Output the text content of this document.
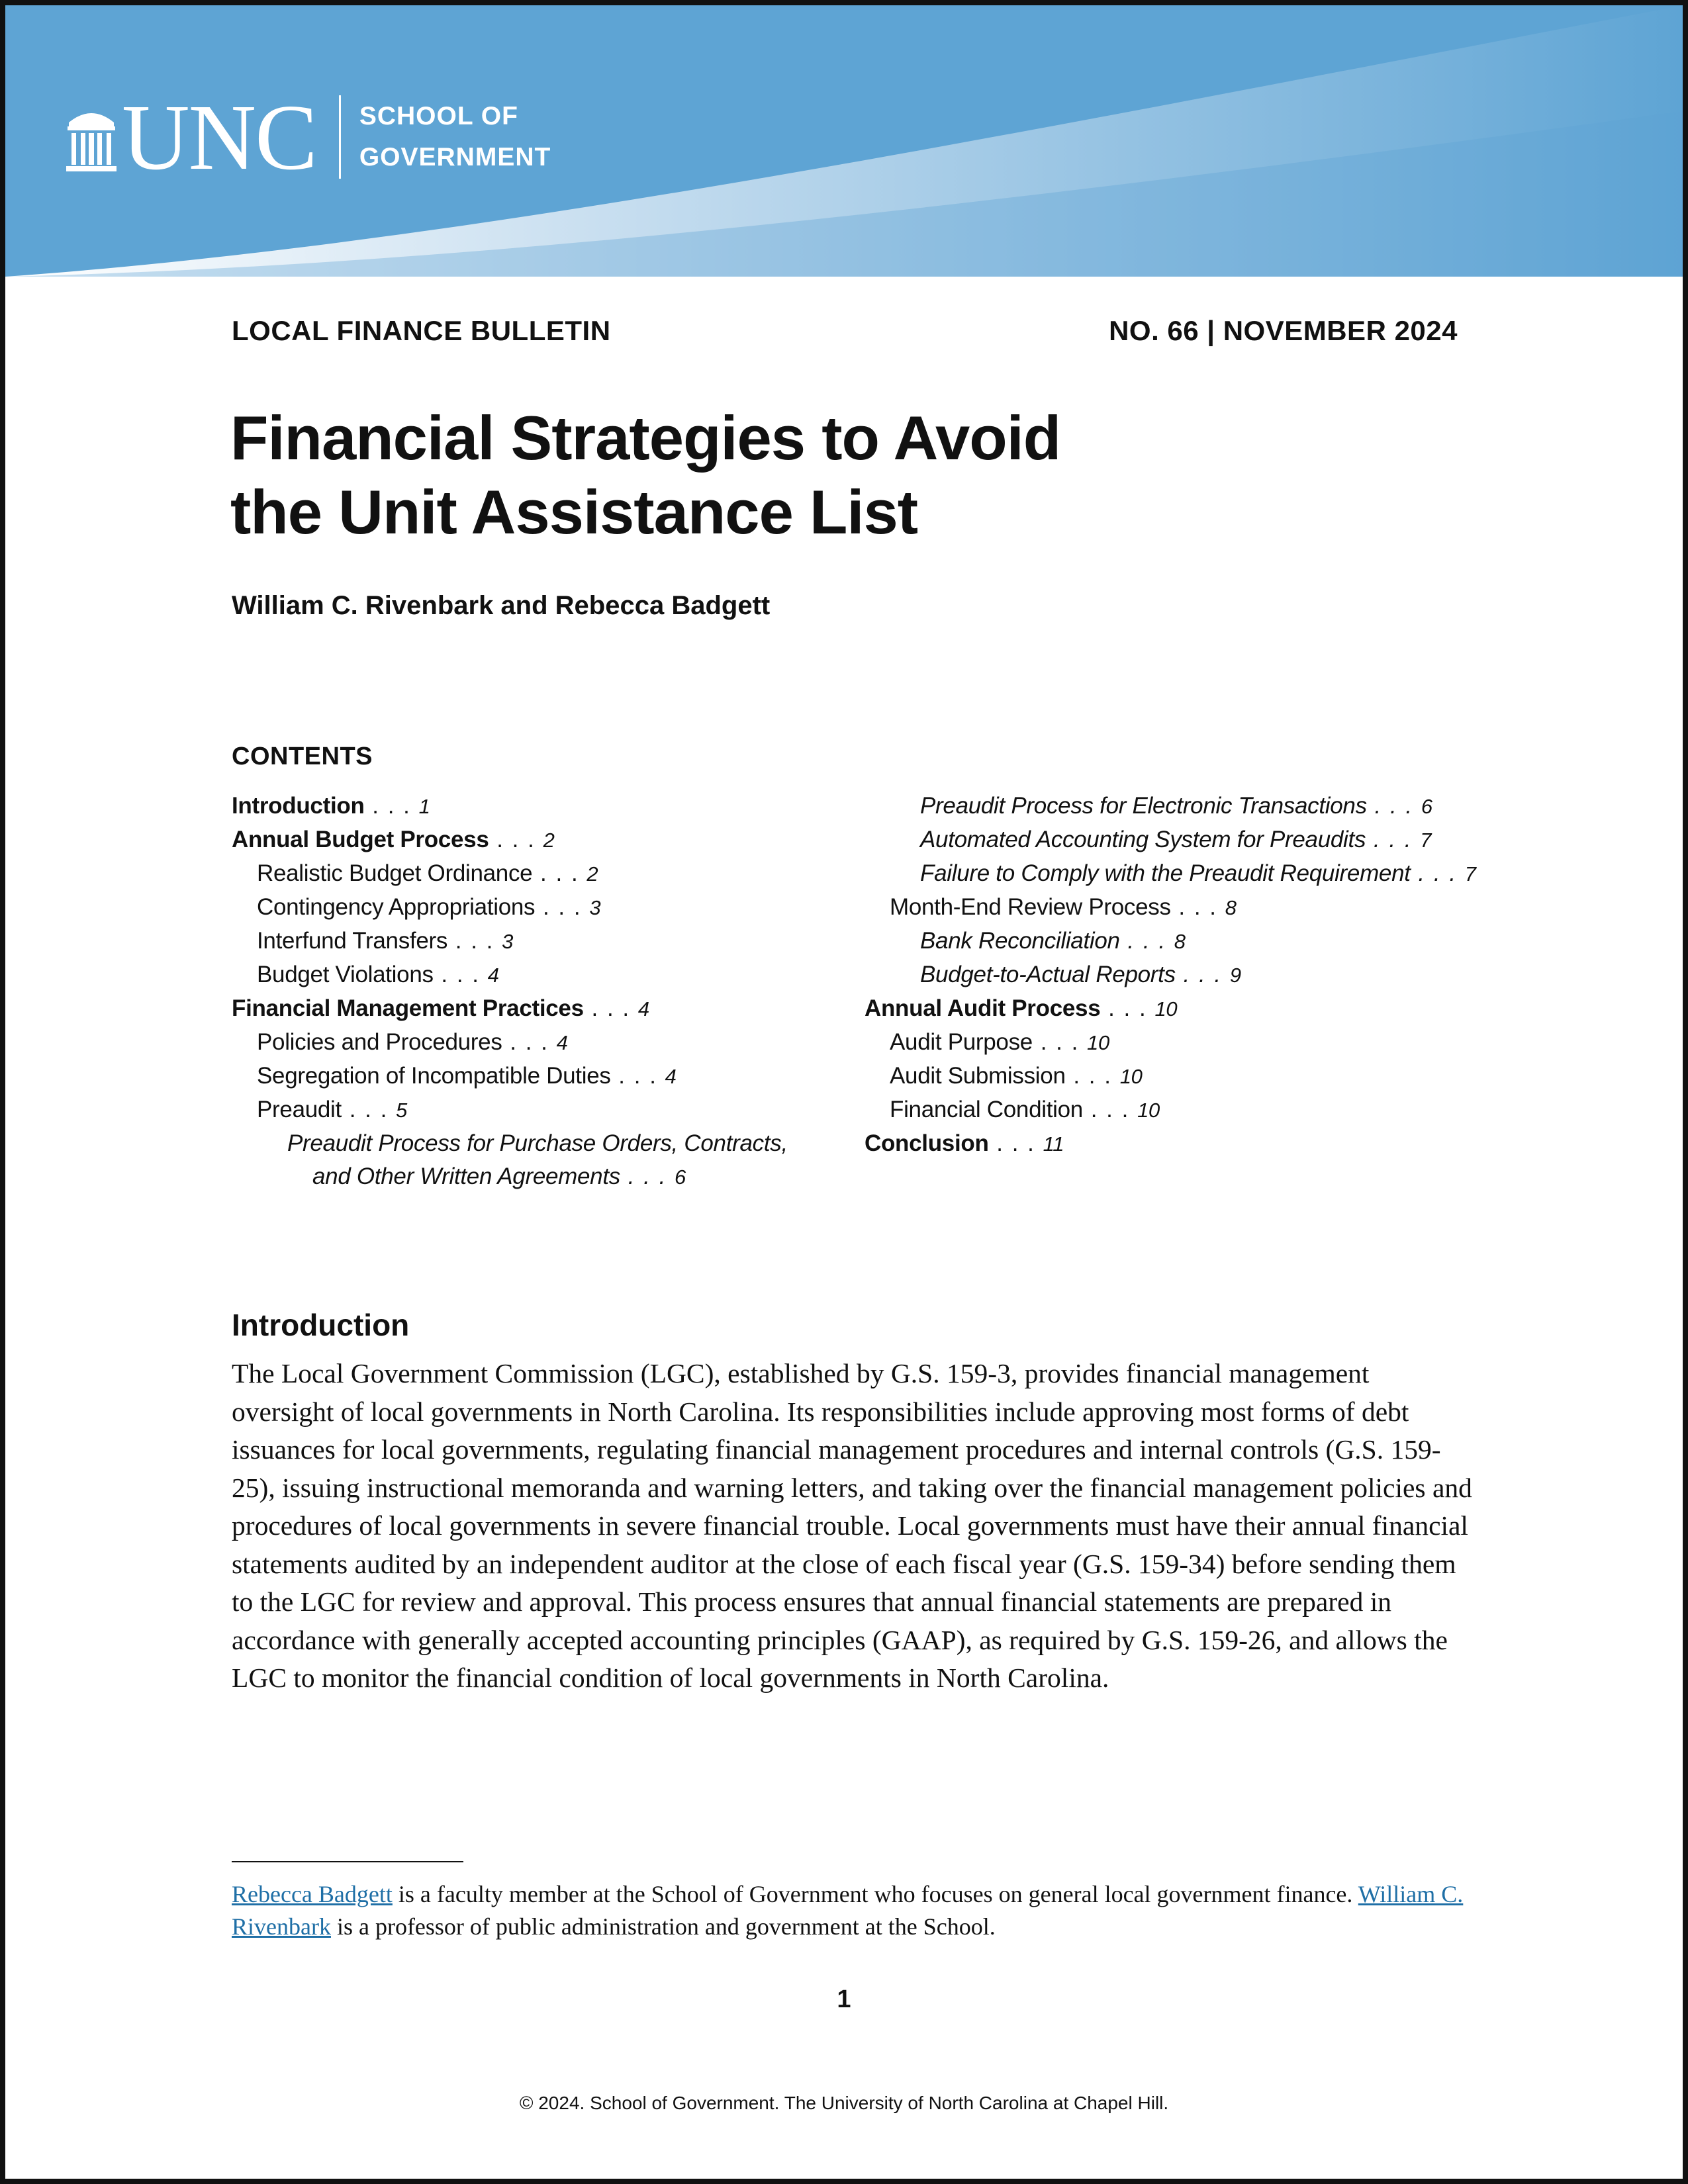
UNC SCHOOL OF
GOVERNMENT
LOCAL FINANCE BULLETIN	NO. 66 | NOVEMBER 2024
Financial Strategies to Avoid
the Unit Assistance List
William C. Rivenbark and Rebecca Badgett
CONTENTS
Introduction . . . 1
Annual Budget Process . . . 2
Realistic Budget Ordinance . . . 2
Contingency Appropriations . . . 3
Interfund Transfers . . . 3
Budget Violations . . . 4
Financial Management Practices . . . 4
Policies and Procedures . . . 4
Segregation of Incompatible Duties . . . 4
Preaudit . . . 5
Preaudit Process for Purchase Orders, Contracts,
and Other Written Agreements . . . 6
Preaudit Process for Electronic Transactions . . . 6
Automated Accounting System for Preaudits . . . 7
Failure to Comply with the Preaudit Requirement . . . 7
Month-End Review Process . . . 8
Bank Reconciliation . . . 8
Budget-to-Actual Reports . . . 9
Annual Audit Process . . . 10
Audit Purpose . . . 10
Audit Submission . . . 10
Financial Condition . . . 10
Conclusion . . . 11
Introduction

The Local Government Commission (LGC), established by G.S. 159-3, provides financial management oversight of local governments in North Carolina. Its responsibilities include approving most forms of debt issuances for local governments, regulating financial management procedures and internal controls (G.S. 159-25), issuing instructional memoranda and warning letters, and taking over the financial management policies and procedures of local governments in severe financial trouble. Local governments must have their annual financial statements audited by an independent auditor at the close of each fiscal year (G.S. 159-34) before sending them to the LGC for review and approval. This process ensures that annual financial statements are prepared in accordance with generally accepted accounting principles (GAAP), as required by G.S. 159-26, and allows the LGC to monitor the financial condition of local governments in North Carolina.

Rebecca Badgett is a faculty member at the School of Government who focuses on general local government finance. William C. Rivenbark is a professor of public administration and government at the School.

1
© 2024. School of Government. The University of North Carolina at Chapel Hill.
